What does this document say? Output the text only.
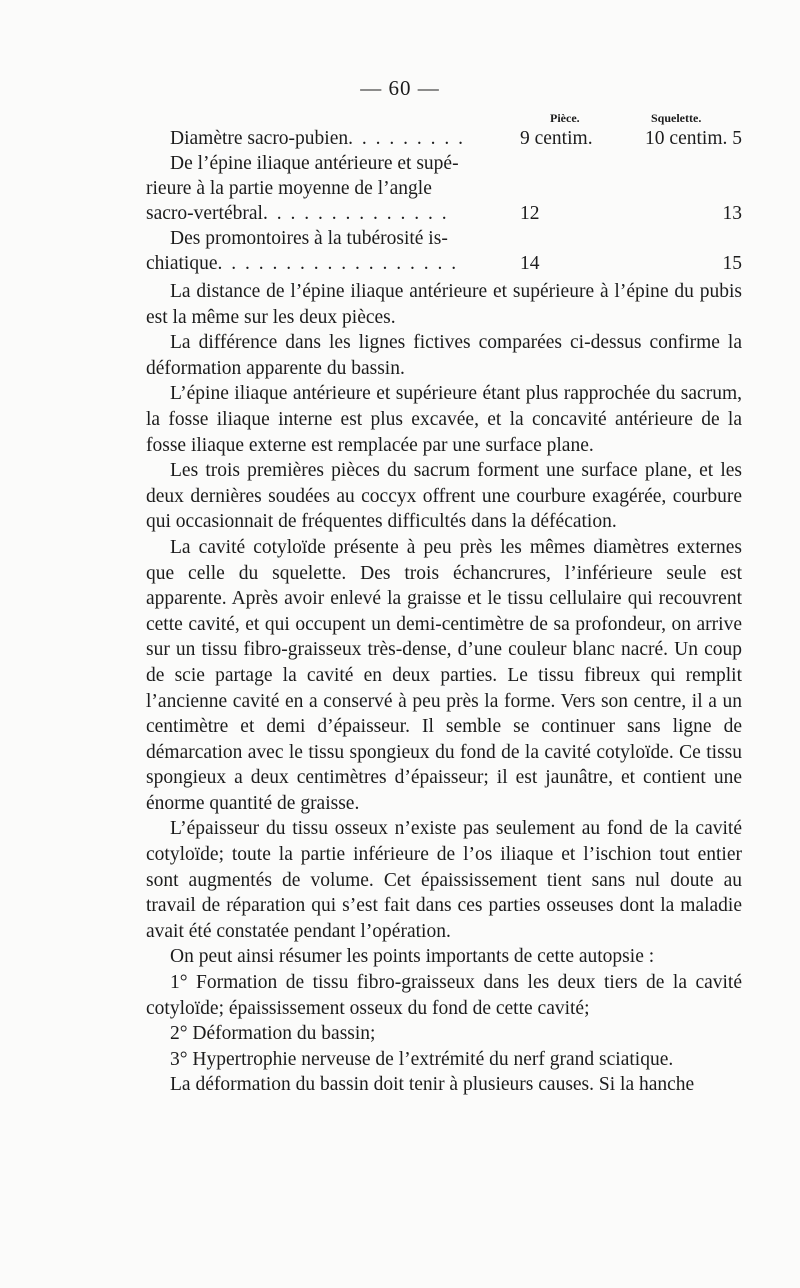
— 60 —
Pièce.	Squelette.
Diamètre sacro-pubien. . . . . . . . .	9 centim.	10 centim. 5
De l’épine iliaque antérieure et supé-
rieure à la partie moyenne de l’angle
sacro-vertébral. . . . . . . . . . . . . .	12	13
Des promontoires à la tubérosité is-
chiatique. . . . . . . . . . . . . . . . . .	14	15

La distance de l’épine iliaque antérieure et supérieure à l’épine du pubis est la même sur les deux pièces.

La différence dans les lignes fictives comparées ci-dessus confirme la déformation apparente du bassin.

L’épine iliaque antérieure et supérieure étant plus rapprochée du sacrum, la fosse iliaque interne est plus excavée, et la concavité antérieure de la fosse iliaque externe est remplacée par une surface plane.

Les trois premières pièces du sacrum forment une surface plane, et les deux dernières soudées au coccyx offrent une courbure exagérée, courbure qui occasionnait de fréquentes difficultés dans la défécation.

La cavité cotyloïde présente à peu près les mêmes diamètres externes que celle du squelette. Des trois échancrures, l’inférieure seule est apparente. Après avoir enlevé la graisse et le tissu cellulaire qui recouvrent cette cavité, et qui occupent un demi-centimètre de sa profondeur, on arrive sur un tissu fibro-graisseux très-dense, d’une couleur blanc nacré. Un coup de scie partage la cavité en deux parties. Le tissu fibreux qui remplit l’ancienne cavité en a conservé à peu près la forme. Vers son centre, il a un centimètre et demi d’épaisseur. Il semble se continuer sans ligne de démarcation avec le tissu spongieux du fond de la cavité cotyloïde. Ce tissu spongieux a deux centimètres d’épaisseur; il est jaunâtre, et contient une énorme quantité de graisse.

L’épaisseur du tissu osseux n’existe pas seulement au fond de la cavité cotyloïde; toute la partie inférieure de l’os iliaque et l’ischion tout entier sont augmentés de volume. Cet épaississement tient sans nul doute au travail de réparation qui s’est fait dans ces parties osseuses dont la maladie avait été constatée pendant l’opération.

On peut ainsi résumer les points importants de cette autopsie :

1° Formation de tissu fibro-graisseux dans les deux tiers de la cavité cotyloïde; épaississement osseux du fond de cette cavité;

2° Déformation du bassin;

3° Hypertrophie nerveuse de l’extrémité du nerf grand sciatique.

La déformation du bassin doit tenir à plusieurs causes. Si la hanche
